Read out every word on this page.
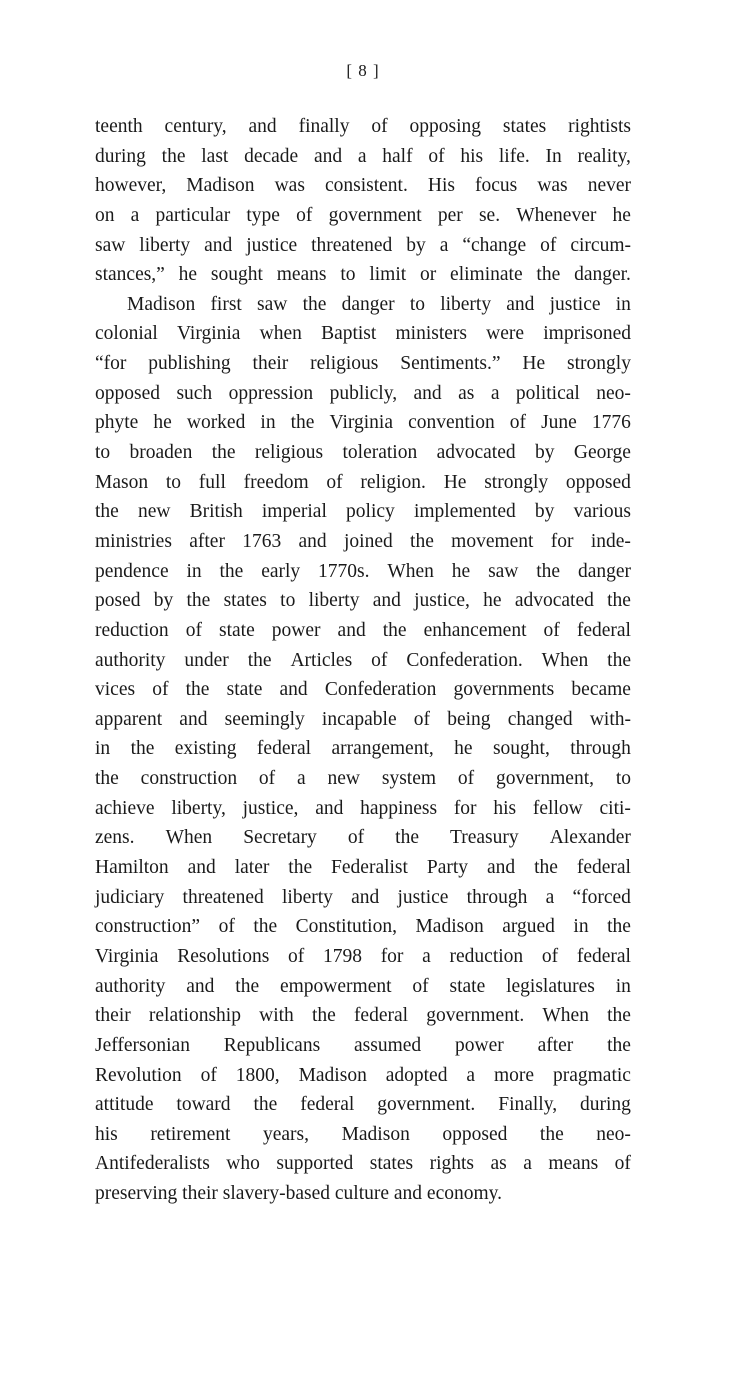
[ 8 ]
teenth century, and finally of opposing states rightists
during the last decade and a half of his life. In reality,
however, Madison was consistent. His focus was never
on a particular type of government per se. Whenever he
saw liberty and justice threatened by a “change of circum-
stances,” he sought means to limit or eliminate the danger.
Madison first saw the danger to liberty and justice in
colonial Virginia when Baptist ministers were imprisoned
“for publishing their religious Sentiments.” He strongly
opposed such oppression publicly, and as a political neo-
phyte he worked in the Virginia convention of June 1776
to broaden the religious toleration advocated by George
Mason to full freedom of religion. He strongly opposed
the new British imperial policy implemented by various
ministries after 1763 and joined the movement for inde-
pendence in the early 1770s. When he saw the danger
posed by the states to liberty and justice, he advocated the
reduction of state power and the enhancement of federal
authority under the Articles of Confederation. When the
vices of the state and Confederation governments became
apparent and seemingly incapable of being changed with-
in the existing federal arrangement, he sought, through
the construction of a new system of government, to
achieve liberty, justice, and happiness for his fellow citi-
zens. When Secretary of the Treasury Alexander
Hamilton and later the Federalist Party and the federal
judiciary threatened liberty and justice through a “forced
construction” of the Constitution, Madison argued in the
Virginia Resolutions of 1798 for a reduction of federal
authority and the empowerment of state legislatures in
their relationship with the federal government. When the
Jeffersonian Republicans assumed power after the
Revolution of 1800, Madison adopted a more pragmatic
attitude toward the federal government. Finally, during
his retirement years, Madison opposed the neo-
Antifederalists who supported states rights as a means of
preserving their slavery-based culture and economy.
